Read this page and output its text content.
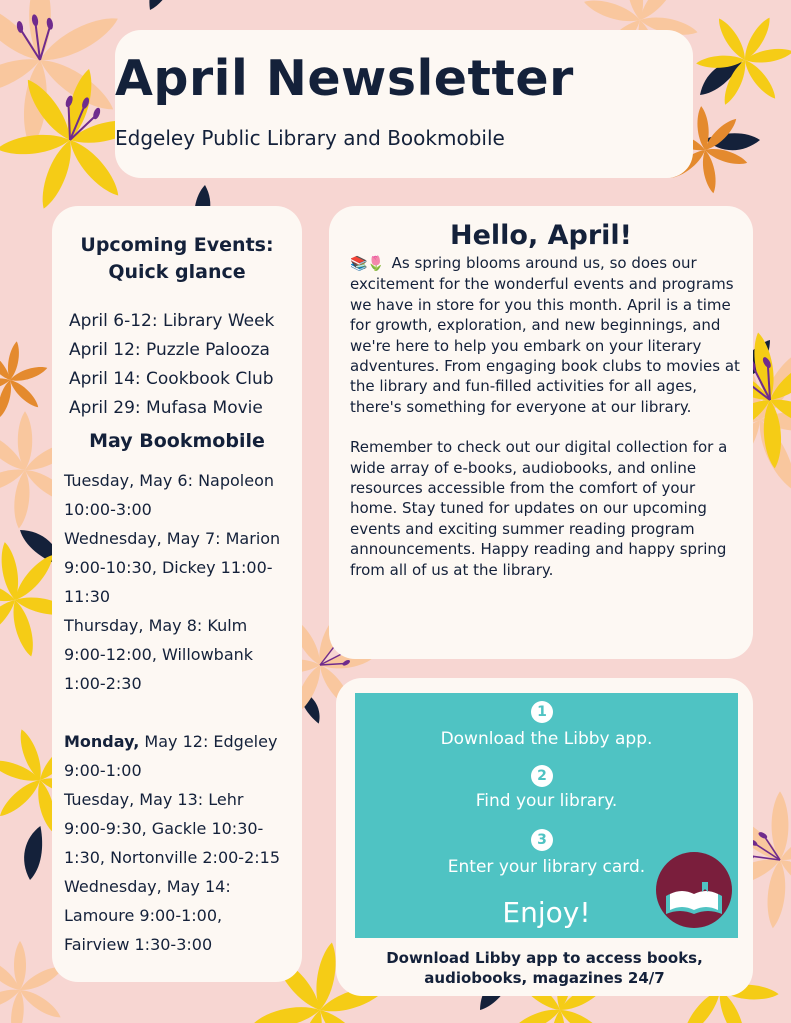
April Newsletter
Edgeley Public Library and Bookmobile
Upcoming Events:
Quick glance
April 6-12: Library Week
April 12: Puzzle Palooza
April 14: Cookbook Club
April 29: Mufasa Movie
May Bookmobile
Tuesday, May 6: Napoleon
10:00-3:00
Wednesday, May 7: Marion
9:00-10:30, Dickey 11:00-
11:30
Thursday, May 8: Kulm
9:00-12:00, Willowbank
1:00-2:30
Monday, May 12: Edgeley
9:00-1:00
Tuesday, May 13: Lehr
9:00-9:30, Gackle 10:30-
1:30, Nortonville 2:00-2:15
Wednesday, May 14:
Lamoure 9:00-1:00,
Fairview 1:30-3:00
Hello, April!

📚🌷 As spring blooms around us, so does our excitement for the wonderful events and programs we have in store for you this month. April is a time for growth, exploration, and new beginnings, and we're here to help you embark on your literary adventures. From engaging book clubs to movies at the library and fun-filled activities for all ages, there's something for everyone at our library.

Remember to check out our digital collection for a wide array of e-books, audiobooks, and online resources accessible from the comfort of your home. Stay tuned for updates on our upcoming events and exciting summer reading program announcements. Happy reading and happy spring from all of us at the library.

1
Download the Libby app.
2
Find your library.
3
Enter your library card.
Enjoy!
Download Libby app to access books,
audiobooks, magazines 24/7
